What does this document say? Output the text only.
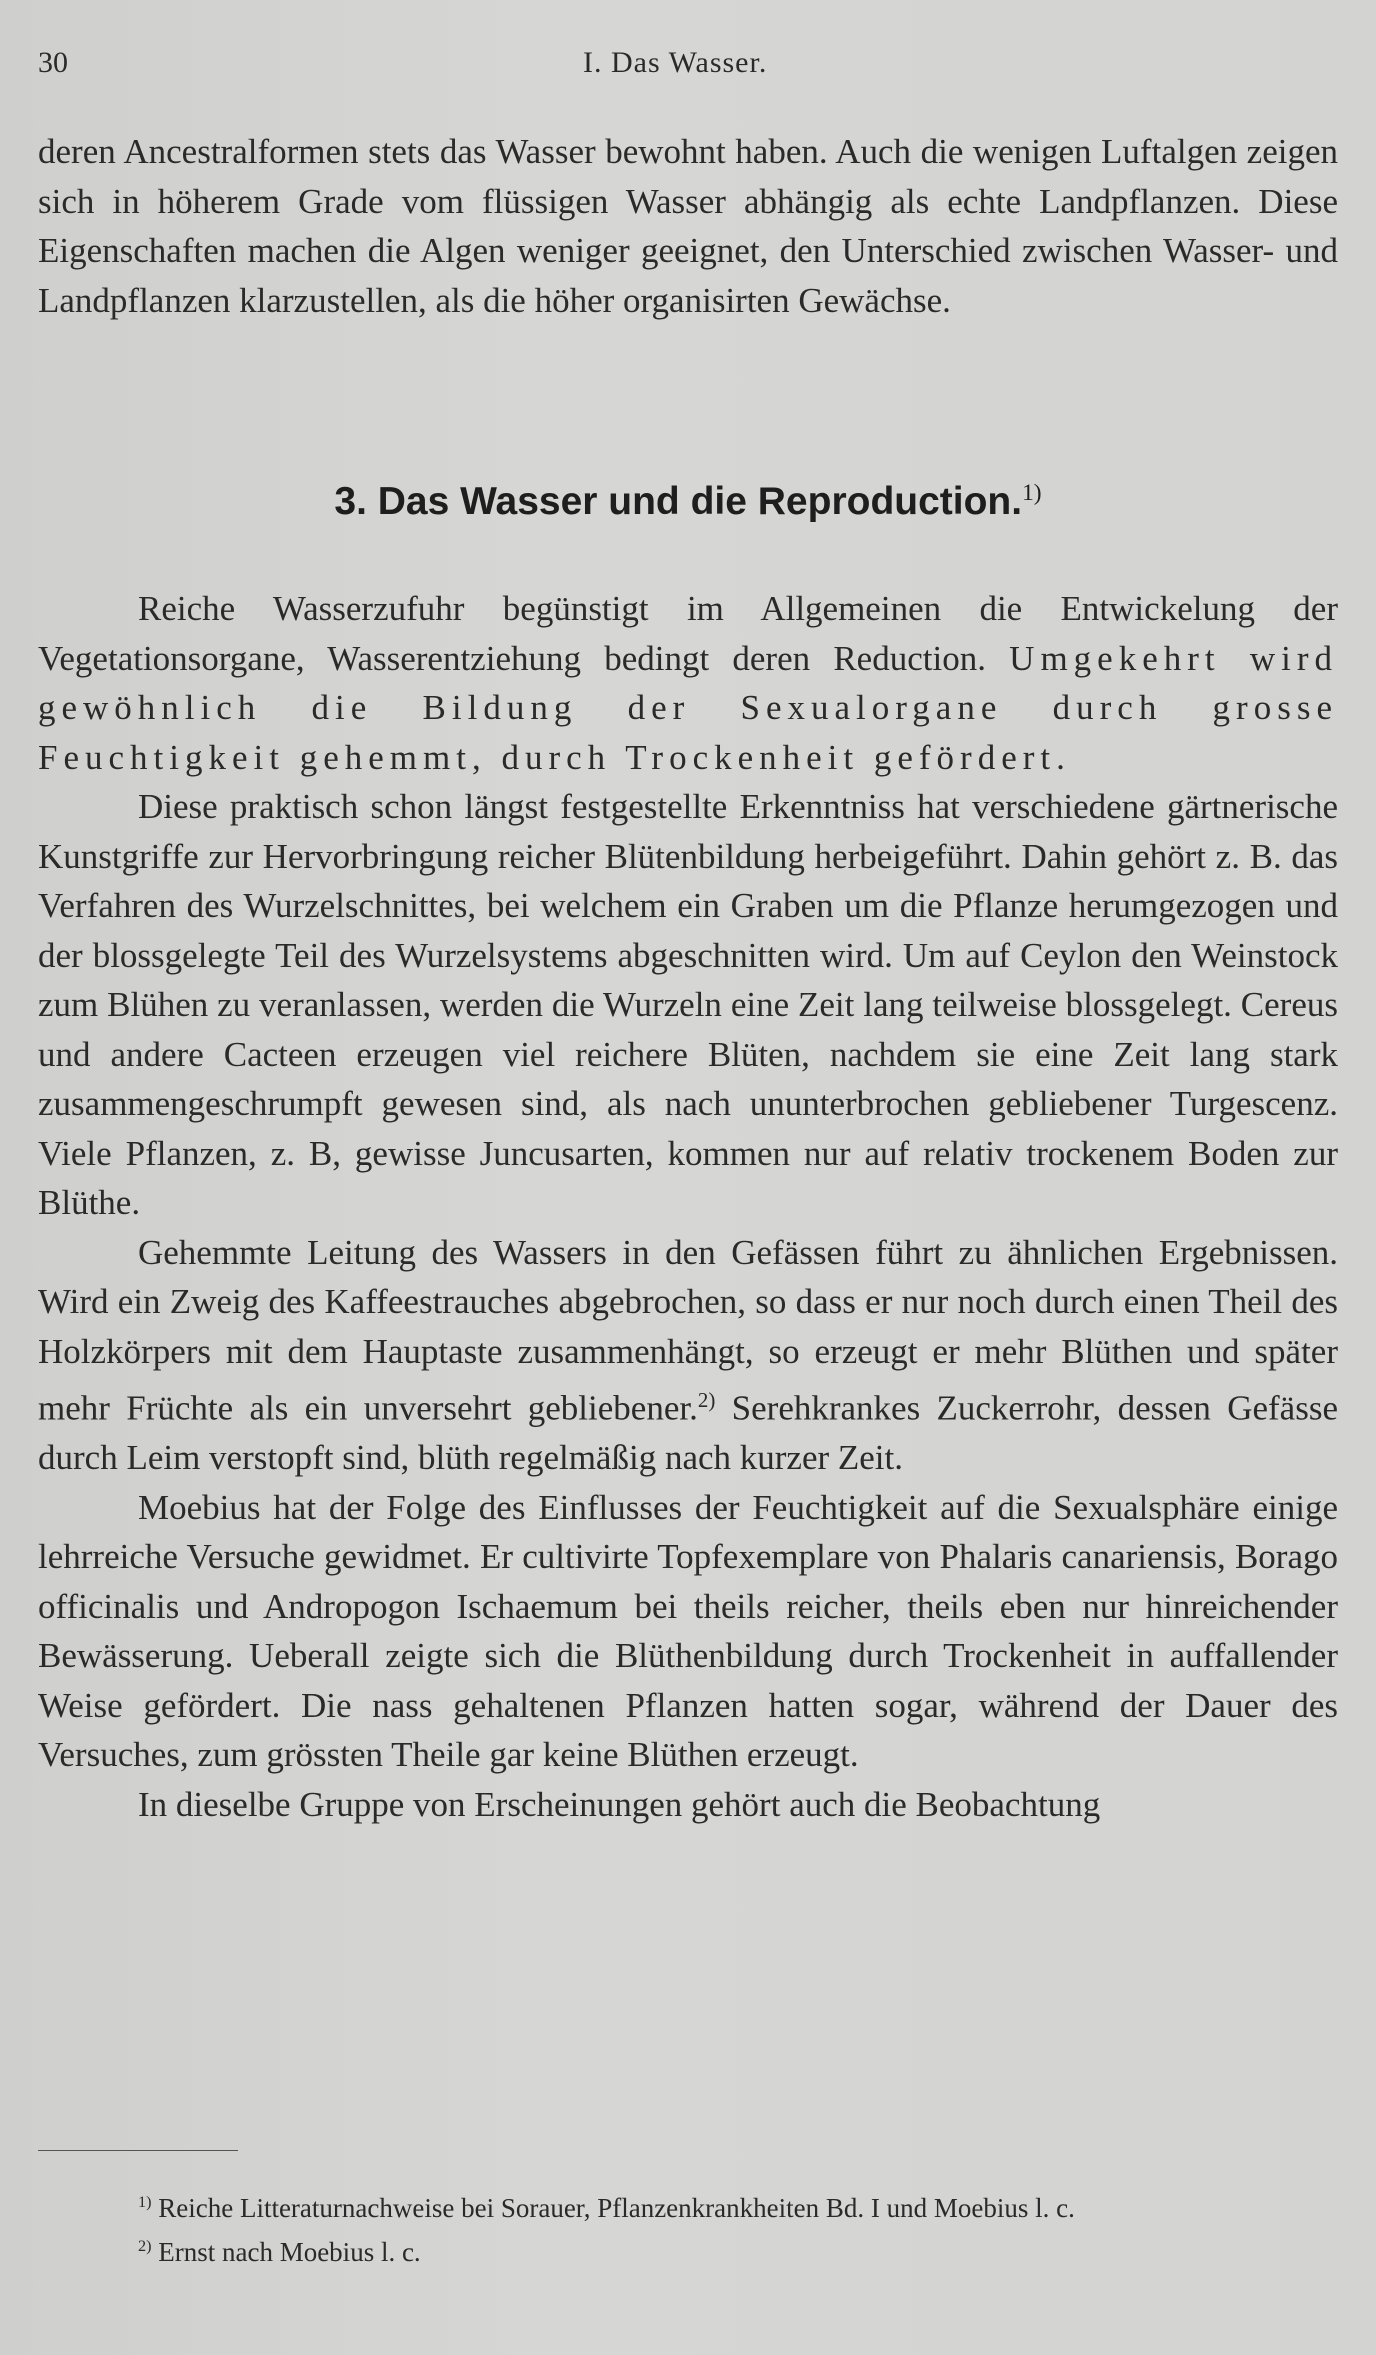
30	I. Das Wasser.

deren Ancestralformen stets das Wasser bewohnt haben. Auch die wenigen Luftalgen zeigen sich in höherem Grade vom flüssigen Wasser abhängig als echte Landpflanzen. Diese Eigenschaften machen die Algen weniger geeignet, den Unterschied zwischen Wasser- und Landpflanzen klarzustellen, als die höher organisirten Gewächse.

3. Das Wasser und die Reproduction.$^{1)}$

Reiche Wasserzufuhr begünstigt im Allgemeinen die Entwickelung der Vegetationsorgane, Wasserentziehung bedingt deren Reduction. Umgekehrt wird gewöhnlich die Bildung der Sexualorgane durch grosse Feuchtigkeit gehemmt, durch Trockenheit gefördert.

Diese praktisch schon längst festgestellte Erkenntniss hat verschiedene gärtnerische Kunstgriffe zur Hervorbringung reicher Blütenbildung herbeigeführt. Dahin gehört z. B. das Verfahren des Wurzelschnittes, bei welchem ein Graben um die Pflanze herumgezogen und der blossgelegte Teil des Wurzelsystems abgeschnitten wird. Um auf Ceylon den Weinstock zum Blühen zu veranlassen, werden die Wurzeln eine Zeit lang teilweise blossgelegt. Cereus und andere Cacteen erzeugen viel reichere Blüten, nachdem sie eine Zeit lang stark zusammengeschrumpft gewesen sind, als nach ununterbrochen gebliebener Turgescenz. Viele Pflanzen, z. B, gewisse Juncusarten, kommen nur auf relativ trockenem Boden zur Blüthe.

Gehemmte Leitung des Wassers in den Gefässen führt zu ähnlichen Ergebnissen. Wird ein Zweig des Kaffeestrauches abgebrochen, so dass er nur noch durch einen Theil des Holzkörpers mit dem Hauptaste zusammenhängt, so erzeugt er mehr Blüthen und später mehr Früchte als ein unversehrt gebliebener.$^{2)}$ Serehkrankes Zuckerrohr, dessen Gefässe durch Leim verstopft sind, blüth regelmäßig nach kurzer Zeit.

Moebius hat der Folge des Einflusses der Feuchtigkeit auf die Sexualsphäre einige lehrreiche Versuche gewidmet. Er cultivirte Topfexemplare von Phalaris canariensis, Borago officinalis und Andropogon Ischaemum bei theils reicher, theils eben nur hinreichender Bewässerung. Ueberall zeigte sich die Blüthenbildung durch Trockenheit in auffallender Weise gefördert. Die nass gehaltenen Pflanzen hatten sogar, während der Dauer des Versuches, zum grössten Theile gar keine Blüthen erzeugt.

In dieselbe Gruppe von Erscheinungen gehört auch die Beobachtung

$^{1)}$ Reiche Litteraturnachweise bei Sorauer, Pflanzenkrankheiten Bd. I und Moebius l. c.

$^{2)}$ Ernst nach Moebius l. c.
